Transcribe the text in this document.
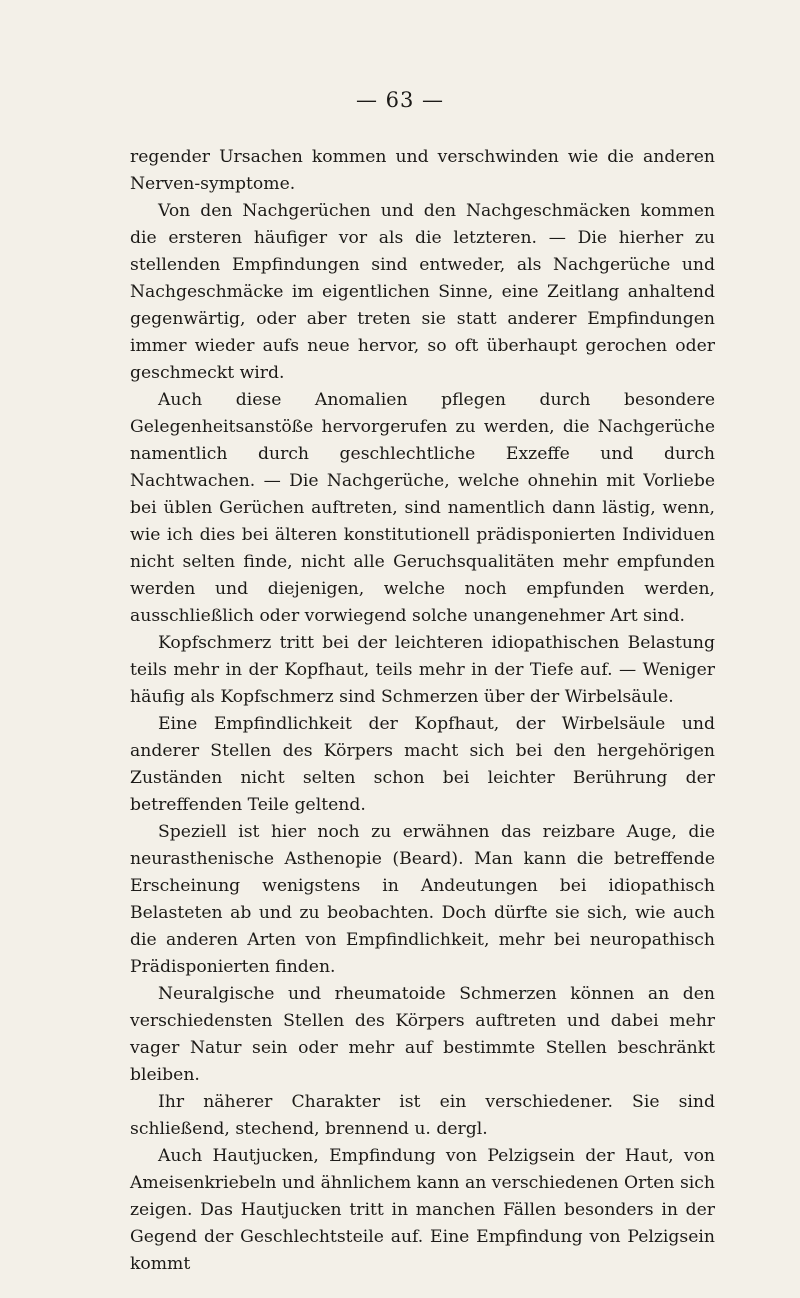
— 63 —

regender Ursachen kommen und verschwinden wie die anderen Nerven-symptome.

Von den Nachgerüchen und den Nachgeschmäcken kommen die ersteren häufiger vor als die letzteren. — Die hierher zu stellenden Empfindungen sind entweder, als Nachgerüche und Nachgeschmäcke im eigentlichen Sinne, eine Zeitlang anhaltend gegenwärtig, oder aber treten sie statt anderer Empfindungen immer wieder aufs neue hervor, so oft überhaupt gerochen oder geschmeckt wird.

Auch diese Anomalien pflegen durch besondere Gelegenheitsanstöße hervorgerufen zu werden, die Nachgerüche namentlich durch geschlechtliche Exzeffe und durch Nachtwachen. — Die Nachgerüche, welche ohnehin mit Vorliebe bei üblen Gerüchen auftreten, sind namentlich dann lästig, wenn, wie ich dies bei älteren konstitutionell prädisponierten Individuen nicht selten finde, nicht alle Geruchsqualitäten mehr empfunden werden und diejenigen, welche noch empfunden werden, ausschließlich oder vorwiegend solche unangenehmer Art sind.

Kopfschmerz tritt bei der leichteren idiopathischen Belastung teils mehr in der Kopfhaut, teils mehr in der Tiefe auf. — Weniger häufig als Kopfschmerz sind Schmerzen über der Wirbelsäule.

Eine Empfindlichkeit der Kopfhaut, der Wirbelsäule und anderer Stellen des Körpers macht sich bei den hergehörigen Zuständen nicht selten schon bei leichter Berührung der betreffenden Teile geltend.

Speziell ist hier noch zu erwähnen das reizbare Auge, die neurasthenische Asthenopie (Beard). Man kann die betreffende Erscheinung wenigstens in Andeutungen bei idiopathisch Belasteten ab und zu beobachten. Doch dürfte sie sich, wie auch die anderen Arten von Empfindlichkeit, mehr bei neuropathisch Prädisponierten finden.

Neuralgische und rheumatoide Schmerzen können an den verschiedensten Stellen des Körpers auftreten und dabei mehr vager Natur sein oder mehr auf bestimmte Stellen beschränkt bleiben.

Ihr näherer Charakter ist ein verschiedener. Sie sind schließend, stechend, brennend u. dergl.

Auch Hautjucken, Empfindung von Pelzigsein der Haut, von Ameisenkriebeln und ähnlichem kann an verschiedenen Orten sich zeigen. Das Hautjucken tritt in manchen Fällen besonders in der Gegend der Geschlechtsteile auf. Eine Empfindung von Pelzigsein kommt
